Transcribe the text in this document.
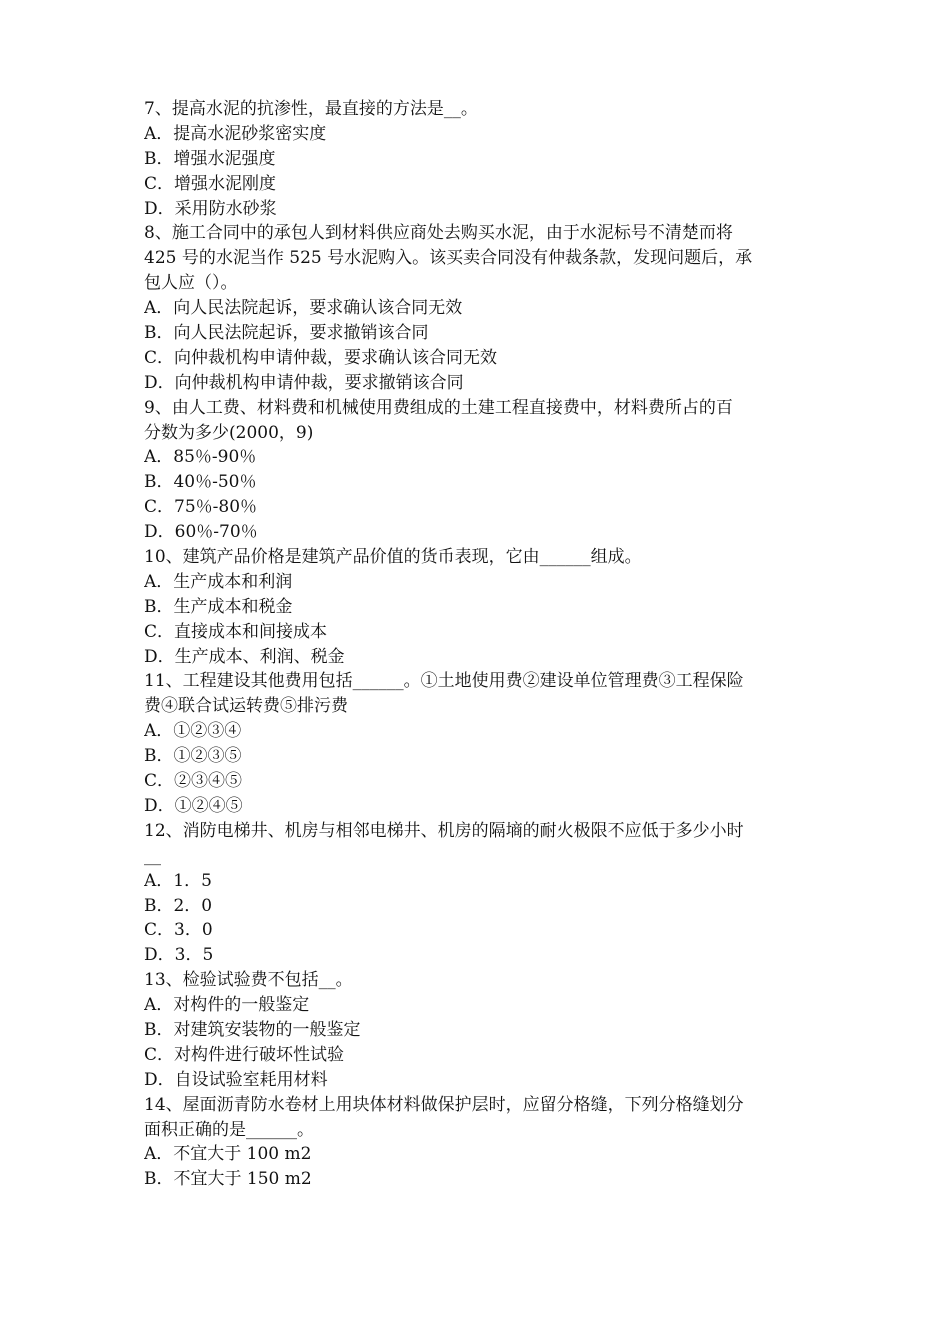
7、提高水泥的抗渗性，最直接的方法是__。
A．提高水泥砂浆密实度
B．增强水泥强度
C．增强水泥刚度
D．采用防水砂浆
8、施工合同中的承包人到材料供应商处去购买水泥，由于水泥标号不清楚而将
425 号的水泥当作 525 号水泥购入。该买卖合同没有仲裁条款，发现问题后，承
包人应（）。
A．向人民法院起诉，要求确认该合同无效
B．向人民法院起诉，要求撤销该合同
C．向仲裁机构申请仲裁，要求确认该合同无效
D．向仲裁机构申请仲裁，要求撤销该合同
9、由人工费、材料费和机械使用费组成的土建工程直接费中，材料费所占的百
分数为多少(2000，9)
A．85％-90％
B．40％-50％
C．75％-80％
D．60％-70％
10、建筑产品价格是建筑产品价值的货币表现，它由______组成。
A．生产成本和利润
B．生产成本和税金
C．直接成本和间接成本
D．生产成本、利润、税金
11、工程建设其他费用包括______。①土地使用费②建设单位管理费③工程保险
费④联合试运转费⑤排污费
A．①②③④
B．①②③⑤
C．②③④⑤
D．①②④⑤
12、消防电梯井、机房与相邻电梯井、机房的隔墒的耐火极限不应低于多少小时
__
A．1．5
B．2．0
C．3．0
D．3．5
13、检验试验费不包括__。
A．对构件的一般鉴定
B．对建筑安装物的一般鉴定
C．对构件进行破坏性试验
D．自设试验室耗用材料
14、屋面沥青防水卷材上用块体材料做保护层时，应留分格缝，下列分格缝划分
面积正确的是______。
A．不宜大于 100 m2
B．不宜大于 150 m2
